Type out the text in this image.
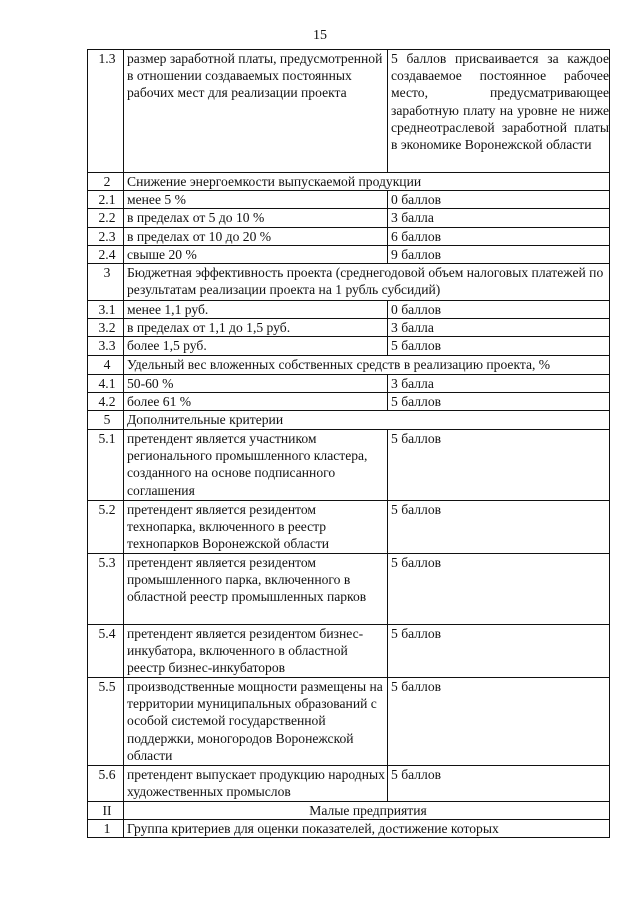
15
1.3	размер заработной платы, предусмотренной в отношении создаваемых постоянных рабочих мест для реализации проекта	5 баллов присваивается за каждое создаваемое постоянное рабочее место, предусматривающее заработную плату на уровне не ниже среднеотраслевой заработной платы в экономике Воронежской области
2	Снижение энергоемкости выпускаемой продукции	
2.1	менее 5 %	0 баллов
2.2	в пределах от 5 до 10 %	3 балла
2.3	в пределах от 10 до 20 %	6 баллов
2.4	свыше 20 %	9 баллов
3	Бюджетная эффективность проекта (среднегодовой объем налоговых платежей по результатам реализации проекта на 1 рубль субсидий)	
3.1	менее 1,1 руб.	0 баллов
3.2	в пределах от 1,1 до 1,5 руб.	3 балла
3.3	более 1,5 руб.	5 баллов
4	Удельный вес вложенных собственных средств в реализацию проекта, %	
4.1	50-60 %	3 балла
4.2	более 61 %	5 баллов
5	Дополнительные критерии	
5.1	претендент является участником регионального промышленного кластера, созданного на основе подписанного соглашения	5 баллов
5.2	претендент является резидентом технопарка, включенного в реестр технопарков Воронежской области	5 баллов
5.3	претендент является резидентом промышленного парка, включенного в областной реестр промышленных парков	5 баллов
5.4	претендент является резидентом бизнес-инкубатора, включенного в областной реестр бизнес-инкубаторов	5 баллов
5.5	производственные мощности размещены на территории муниципальных образований с особой системой государственной поддержки, моногородов Воронежской области	5 баллов
5.6	претендент выпускает продукцию народных художественных промыслов	5 баллов
II	Малые предприятия	
1	Группа критериев для оценки показателей, достижение которых	
